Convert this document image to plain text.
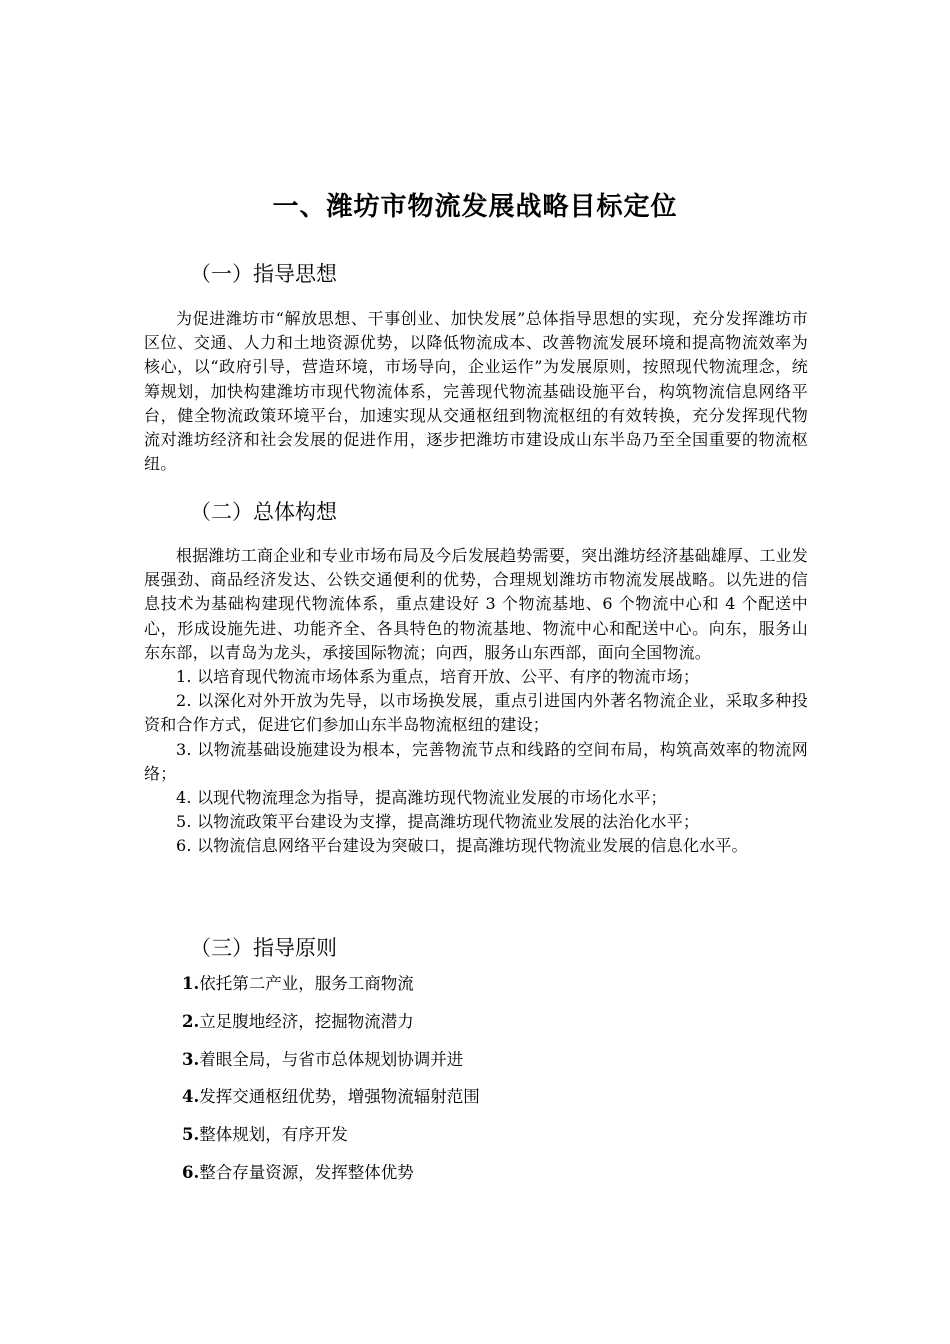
一、潍坊市物流发展战略目标定位
（一）指导思想

为促进潍坊市“解放思想、干事创业、加快发展”总体指导思想的实现，充分发挥潍坊市区位、交通、人力和土地资源优势，以降低物流成本、改善物流发展环境和提高物流效率为核心，以“政府引导，营造环境，市场导向，企业运作”为发展原则，按照现代物流理念，统筹规划，加快构建潍坊市现代物流体系，完善现代物流基础设施平台，构筑物流信息网络平台，健全物流政策环境平台，加速实现从交通枢纽到物流枢纽的有效转换，充分发挥现代物流对潍坊经济和社会发展的促进作用，逐步把潍坊市建设成山东半岛乃至全国重要的物流枢纽。

（二）总体构想

根据潍坊工商企业和专业市场布局及今后发展趋势需要，突出潍坊经济基础雄厚、工业发展强劲、商品经济发达、公铁交通便利的优势，合理规划潍坊市物流发展战略。以先进的信息技术为基础构建现代物流体系，重点建设好 3 个物流基地、6 个物流中心和 4 个配送中心，形成设施先进、功能齐全、各具特色的物流基地、物流中心和配送中心。向东，服务山东东部，以青岛为龙头，承接国际物流；向西，服务山东西部，面向全国物流。

1. 以培育现代物流市场体系为重点，培育开放、公平、有序的物流市场；

2. 以深化对外开放为先导，以市场换发展，重点引进国内外著名物流企业，采取多种投资和合作方式，促进它们参加山东半岛物流枢纽的建设；

3. 以物流基础设施建设为根本，完善物流节点和线路的空间布局，构筑高效率的物流网络；

4. 以现代物流理念为指导，提高潍坊现代物流业发展的市场化水平；

5. 以物流政策平台建设为支撑，提高潍坊现代物流业发展的法治化水平；

6. 以物流信息网络平台建设为突破口，提高潍坊现代物流业发展的信息化水平。

（三）指导原则
1.依托第二产业，服务工商物流
2.立足腹地经济，挖掘物流潜力
3.着眼全局，与省市总体规划协调并进
4.发挥交通枢纽优势，增强物流辐射范围
5.整体规划，有序开发
6.整合存量资源，发挥整体优势
